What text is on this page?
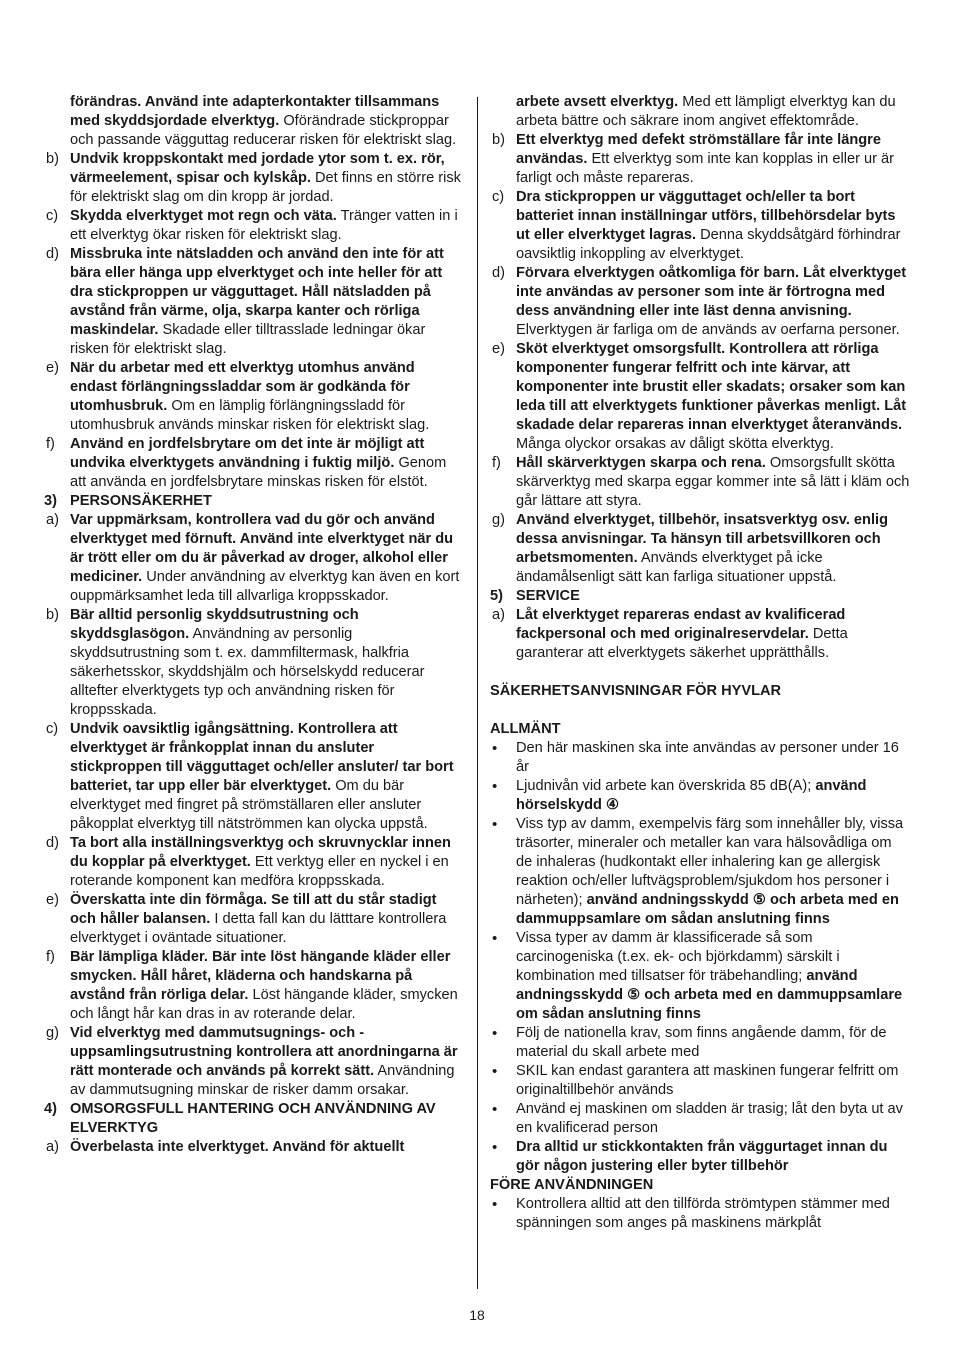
förändras. Använd inte adapterkontakter tillsammans med skyddsjordade elverktyg. Oförändrade stickproppar och passande vägguttag reducerar risken för elektriskt slag.
b) Undvik kroppskontakt med jordade ytor som t. ex. rör, värmeelement, spisar och kylskåp. Det finns en större risk för elektriskt slag om din kropp är jordad.
c) Skydda elverktyget mot regn och väta. Tränger vatten in i ett elverktyg ökar risken för elektriskt slag.
d) Missbruka inte nätsladden och använd den inte för att bära eller hänga upp elverktyget och inte heller för att dra stickproppen ur vägguttaget. Håll nätsladden på avstånd från värme, olja, skarpa kanter och rörliga maskindelar. Skadade eller tilltrasslade ledningar ökar risken för elektriskt slag.
e) När du arbetar med ett elverktyg utomhus använd endast förlängningssladdar som är godkända för utomhusbruk. Om en lämplig förlängningssladd för utomhusbruk används minskar risken för elektriskt slag.
f) Använd en jordfelsbrytare om det inte är möjligt att undvika elverktygets användning i fuktig miljö. Genom att använda en jordfelsbrytare minskas risken för elstöt.
3) PERSONSÄKERHET
a) Var uppmärksam, kontrollera vad du gör och använd elverktyget med förnuft. Använd inte elverktyget när du är trött eller om du är påverkad av droger, alkohol eller mediciner. Under användning av elverktyg kan även en kort ouppmärksamhet leda till allvarliga kroppsskador.
b) Bär alltid personlig skyddsutrustning och skyddsglasögon. Användning av personlig skyddsutrustning som t. ex. dammfiltermask, halkfria säkerhetsskor, skyddshjälm och hörselskydd reducerar alltefter elverktygets typ och användning risken för kroppsskada.
c) Undvik oavsiktlig igångsättning. Kontrollera att elverktyget är frånkopplat innan du ansluter stickproppen till vägguttaget och/eller ansluter/ tar bort batteriet, tar upp eller bär elverktyget. Om du bär elverktyget med fingret på strömställaren eller ansluter påkopplat elverktyg till nätströmmen kan olycka uppstå.
d) Ta bort alla inställningsverktyg och skruvnycklar innen du kopplar på elverktyget. Ett verktyg eller en nyckel i en roterande komponent kan medföra kroppsskada.
e) Överskatta inte din förmåga. Se till att du står stadigt och håller balansen. I detta fall kan du lätttare kontrollera elverktyget i oväntade situationer.
f) Bär lämpliga kläder. Bär inte löst hängande kläder eller smycken. Håll håret, kläderna och handskarna på avstånd från rörliga delar. Löst hängande kläder, smycken och långt hår kan dras in av roterande delar.
g) Vid elverktyg med dammutsugnings- och -uppsamlingsutrustning kontrollera att anordningarna är rätt monterade och används på korrekt sätt. Användning av dammutsugning minskar de risker damm orsakar.
4) OMSORGSFULL HANTERING OCH ANVÄNDNING AV ELVERKTYG
a) Överbelasta inte elverktyget. Använd för aktuellt
arbete avsett elverktyg. Med ett lämpligt elverktyg kan du arbeta bättre och säkrare inom angivet effektområde.
b) Ett elverktyg med defekt strömställare får inte längre användas. Ett elverktyg som inte kan kopplas in eller ur är farligt och måste repareras.
c) Dra stickproppen ur vägguttaget och/eller ta bort batteriet innan inställningar utförs, tillbehörsdelar byts ut eller elverktyget lagras. Denna skyddsåtgärd förhindrar oavsiktlig inkoppling av elverktyget.
d) Förvara elverktygen oåtkomliga för barn. Låt elverktyget inte användas av personer som inte är förtrogna med dess användning eller inte läst denna anvisning. Elverktygen är farliga om de används av oerfarna personer.
e) Sköt elverktyget omsorgsfullt. Kontrollera att rörliga komponenter fungerar felfritt och inte kärvar, att komponenter inte brustit eller skadats; orsaker som kan leda till att elverktygets funktioner påverkas menligt. Låt skadade delar repareras innan elverktyget återanvänds. Många olyckor orsakas av dåligt skötta elverktyg.
f) Håll skärverktygen skarpa och rena. Omsorgsfullt skötta skärverktyg med skarpa eggar kommer inte så lätt i kläm och går lättare att styra.
g) Använd elverktyget, tillbehör, insatsverktyg osv. enlig dessa anvisningar. Ta hänsyn till arbetsvillkoren och arbetsmomenten. Används elverktyget på icke ändamålsenligt sätt kan farliga situationer uppstå.
5) SERVICE
a) Låt elverktyget repareras endast av kvalificerad fackpersonal och med originalreservdelar. Detta garanterar att elverktygets säkerhet upprätthålls.
SÄKERHETSANVISNINGAR FÖR HYVLAR
ALLMÄNT
• Den här maskinen ska inte användas av personer under 16 år
• Ljudnivån vid arbete kan överskrida 85 dB(A); använd hörselskydd ④
• Viss typ av damm, exempelvis färg som innehåller bly, vissa träsorter, mineraler och metaller kan vara hälsovådliga om de inhaleras (hudkontakt eller inhalering kan ge allergisk reaktion och/eller luftvägsproblem/sjukdom hos personer i närheten); använd andningsskydd ⑤ och arbeta med en dammuppsamlare om sådan anslutning finns
• Vissa typer av damm är klassificerade så som carcinogeniska (t.ex. ek- och björkdamm) särskilt i kombination med tillsatser för träbehandling; använd andningsskydd ⑤ och arbeta med en dammuppsamlare om sådan anslutning finns
• Följ de nationella krav, som finns angående damm, för de material du skall arbete med
• SKIL kan endast garantera att maskinen fungerar felfritt om originaltillbehör används
• Använd ej maskinen om sladden är trasig; låt den byta ut av en kvalificerad person
• Dra alltid ur stickkontakten från väggurtaget innan du gör någon justering eller byter tillbehör
FÖRE ANVÄNDNINGEN
• Kontrollera alltid att den tillförda strömtypen stämmer med spänningen som anges på maskinens märkplåt
18
